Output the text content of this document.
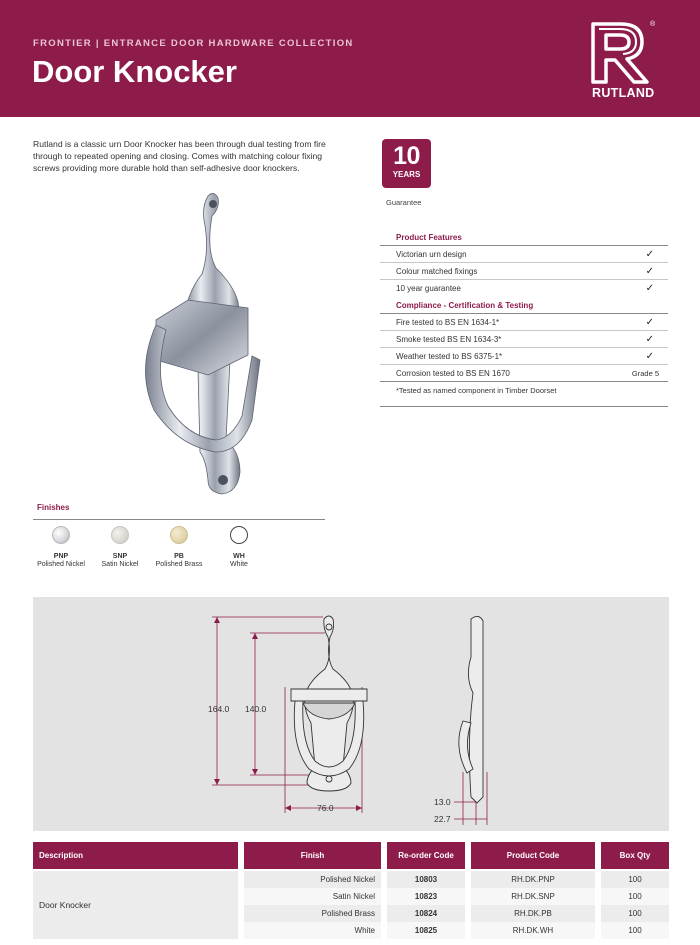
FRONTIER | ENTRANCE DOOR HARDWARE COLLECTION
Door Knocker
®
RUTLAND
Rutland is a classic urn Door Knocker has been through dual testing from fire through to repeated opening and closing. Comes with matching colour fixing screws providing more durable hold than self-adhesive door knockers.	10
YEARS
Guarantee
Product Features
Victorian urn design	✓
Colour matched fixings	✓
10 year guarantee	✓
Compliance - Certification & Testing
Fire tested to BS EN 1634-1*	✓
Smoke tested BS EN 1634-3*	✓
Weather tested to BS 6375-1*	✓
Corrosion tested to BS EN 1670	Grade 5
*Tested as named component in Timber Doorset
Finishes
PNP
Polished Nickel
SNP
Satin Nickel
PB
Polished Brass
WH
White
164.0 140.0
76.0
13.0
22.7
Description	Finish	Re-order Code	Product Code	Box Qty
Door Knocker
Polished Nickel	10803	RH.DK.PNP	100
Satin Nickel	10823	RH.DK.SNP	100
Polished Brass	10824	RH.DK.PB	100
White	10825	RH.DK.WH	100
